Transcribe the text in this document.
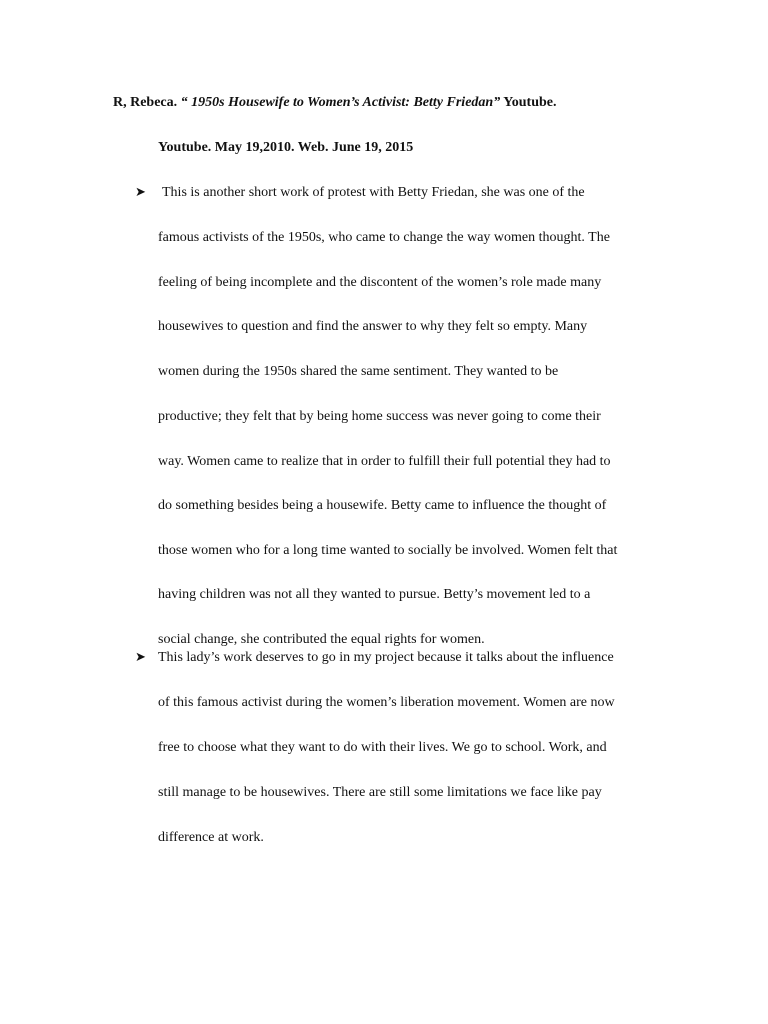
R, Rebeca. “ 1950s Housewife to Women’s Activist: Betty Friedan” Youtube.
Youtube. May 19,2010. Web. June 19, 2015
➤ This is another short work of protest with Betty Friedan, she was one of the
famous activists of the 1950s, who came to change the way women thought. The
feeling of being incomplete and the discontent of the women’s role made many
housewives to question and find the answer to why they felt so empty. Many
women during the 1950s shared the same sentiment. They wanted to be
productive; they felt that by being home success was never going to come their
way. Women came to realize that in order to fulfill their full potential they had to
do something besides being a housewife. Betty came to influence the thought of
those women who for a long time wanted to socially be involved. Women felt that
having children was not all they wanted to pursue. Betty’s movement led to a
social change, she contributed the equal rights for women.
➤ This lady’s work deserves to go in my project because it talks about the influence
of this famous activist during the women’s liberation movement. Women are now
free to choose what they want to do with their lives. We go to school. Work, and
still manage to be housewives. There are still some limitations we face like pay
difference at work.
